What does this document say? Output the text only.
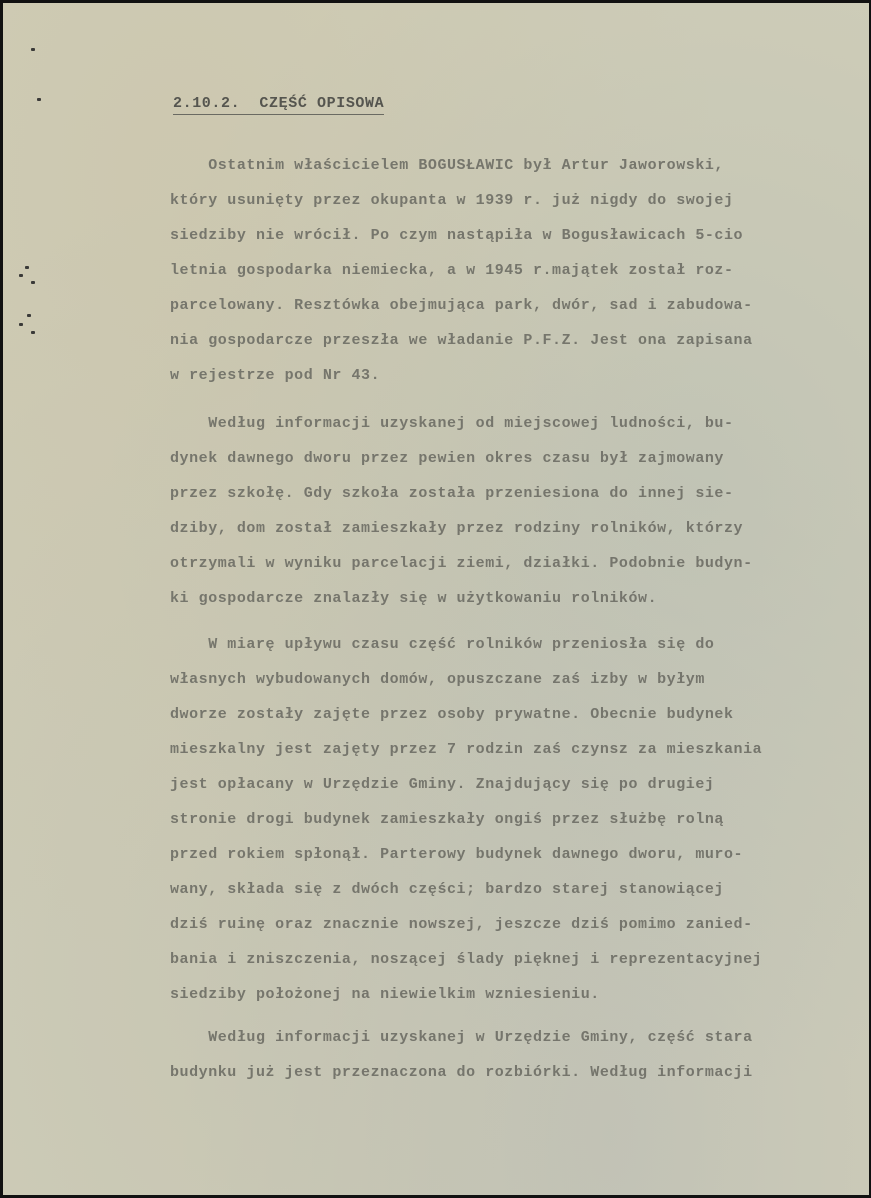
2.10.2.  CZĘŚĆ OPISOWA
Ostatnim właścicielem BOGUSŁAWIC był Artur Jaworowski,
który usunięty przez okupanta w 1939 r. już nigdy do swojej
siedziby nie wrócił. Po czym nastąpiła w Bogusławicach 5-cio
letnia gospodarka niemiecka, a w 1945 r.majątek został roz-
parcelowany. Resztówka obejmująca park, dwór, sad i zabudowa-
nia gospodarcze przeszła we władanie P.F.Z. Jest ona zapisana
w rejestrze pod Nr 43.
Według informacji uzyskanej od miejscowej ludności, bu-
dynek dawnego dworu przez pewien okres czasu był zajmowany
przez szkołę. Gdy szkoła została przeniesiona do innej sie-
dziby, dom został zamieszkały przez rodziny rolników, którzy
otrzymali w wyniku parcelacji ziemi, działki. Podobnie budyn-
ki gospodarcze znalazły się w użytkowaniu rolników.
W miarę upływu czasu część rolników przeniosła się do
własnych wybudowanych domów, opuszczane zaś izby w byłym
dworze zostały zajęte przez osoby prywatne. Obecnie budynek
mieszkalny jest zajęty przez 7 rodzin zaś czynsz za mieszkania
jest opłacany w Urzędzie Gminy. Znajdujący się po drugiej
stronie drogi budynek zamieszkały ongiś przez służbę rolną
przed rokiem spłonął. Parterowy budynek dawnego dworu, muro-
wany, składa się z dwóch części; bardzo starej stanowiącej
dziś ruinę oraz znacznie nowszej, jeszcze dziś pomimo zanied-
bania i zniszczenia, noszącej ślady pięknej i reprezentacyjnej
siedziby położonej na niewielkim wzniesieniu.
Według informacji uzyskanej w Urzędzie Gminy, część stara
budynku już jest przeznaczona do rozbiórki. Według informacji
